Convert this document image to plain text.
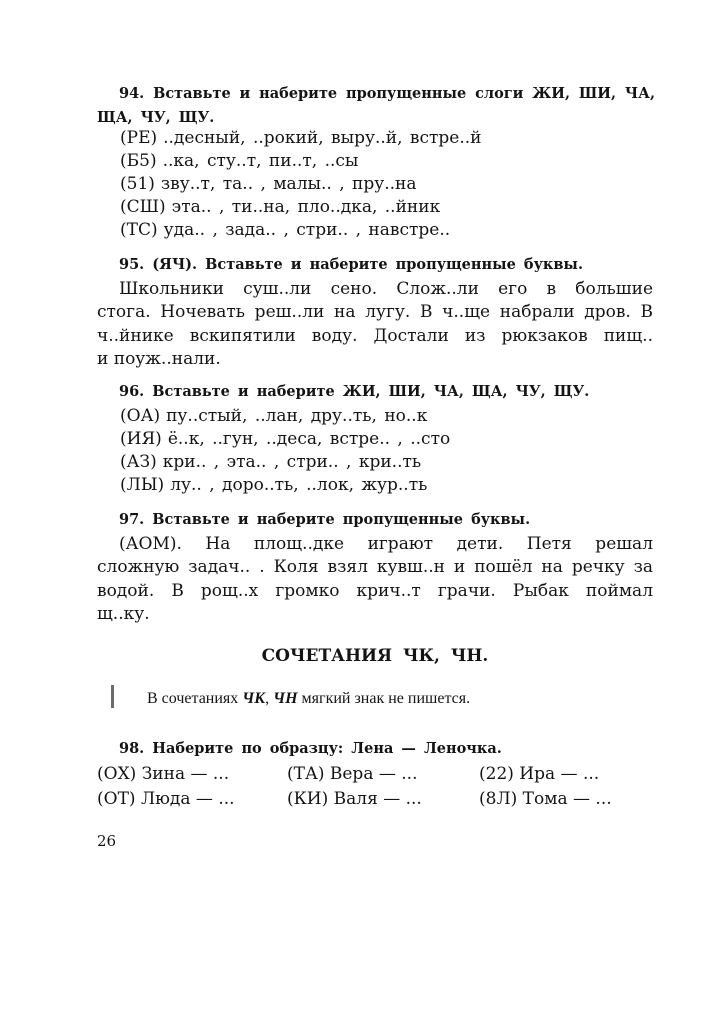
94. Вставьте и наберите пропущенные слоги ЖИ, ШИ, ЧА,
ЩА, ЧУ, ЩУ.
(РЕ) ..десный, ..рокий, выру..й, встре..й
(Б5) ..ка, сту..т, пи..т, ..сы
(51) зву..т, та.. , малы.. , пру..на
(СШ) эта.. , ти..на, пло..дка, ..йник
(ТС) уда.. , зада.. , стри.. , навстре..
95. (ЯЧ). Вставьте и наберите пропущенные буквы.
Школьники суш..ли сено. Слож..ли его в большие
стога. Ночевать реш..ли на лугу. В ч..ще набрали дров. В
ч..йнике вскипятили воду. Достали из рюкзаков пищ..
и поуж..нали.
96. Вставьте и наберите ЖИ, ШИ, ЧА, ЩА, ЧУ, ЩУ.
(ОА) пу..стый, ..лан, дру..ть, но..к
(ИЯ) ё..к, ..гун, ..деса, встре.. , ..сто
(АЗ) кри.. , эта.. , стри.. , кри..ть
(ЛЫ) лу.. , доро..ть, ..лок, жур..ть
97. Вставьте и наберите пропущенные буквы.
(АОМ). На площ..дке играют дети. Петя решал
сложную задач.. . Коля взял кувш..н и пошёл на речку за
водой. В рощ..х громко крич..т грачи. Рыбак поймал
щ..ку.
СОЧЕТАНИЯ ЧК, ЧН.
В сочетаниях ЧК, ЧН мягкий знак не пишется.
98. Наберите по образцу: Лена — Леночка.
(ОХ) Зина — ...	(ТА) Вера — ...	(22) Ира — ...
(ОТ) Люда — ...	(КИ) Валя — ...	(8Л) Тома — ...
26
